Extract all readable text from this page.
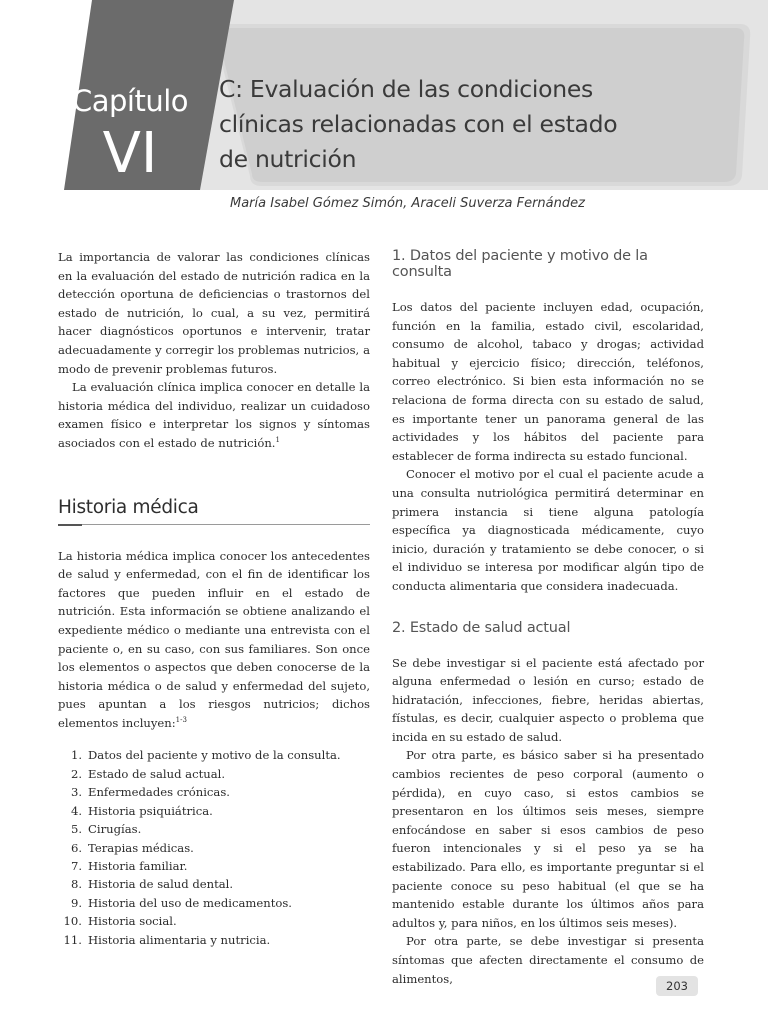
Capítulo
VI
C: Evaluación de las condiciones
clínicas relacionadas con el estado
de nutrición
María Isabel Gómez Simón, Araceli Suverza Fernández

La importancia de valorar las condiciones clínicas en la evaluación del estado de nutrición radica en la detección oportuna de deficiencias o trastornos del estado de nutrición, lo cual, a su vez, permitirá hacer diagnósticos oportunos e intervenir, tratar adecuadamente y corregir los problemas nutricios, a modo de prevenir problemas futuros.

La evaluación clínica implica conocer en detalle la historia médica del individuo, realizar un cuidadoso examen físico e interpretar los signos y síntomas asociados con el estado de nutrición.$^1$

Historia médica

La historia médica implica conocer los antecedentes de salud y enfermedad, con el fin de identificar los factores que pueden influir en el estado de nutrición. Esta información se obtiene analizando el expediente médico o mediante una entrevista con el paciente o, en su caso, con sus familiares. Son once los elementos o aspectos que deben conocerse de la historia médica o de salud y enfermedad del sujeto, pues apuntan a los riesgos nutricios; dichos elementos incluyen:$^{1-3}$

1. Datos del paciente y motivo de la consulta.
2. Estado de salud actual.
3. Enfermedades crónicas.
4. Historia psiquiátrica.
5. Cirugías.
6. Terapias médicas.
7. Historia familiar.
8. Historia de salud dental.
9. Historia del uso de medicamentos.
10. Historia social.
11. Historia alimentaria y nutricia.
1. Datos del paciente y motivo de la consulta

Los datos del paciente incluyen edad, ocupación, función en la familia, estado civil, escolaridad, consumo de alcohol, tabaco y drogas; actividad habitual y ejercicio físico; dirección, teléfonos, correo electrónico. Si bien esta información no se relaciona de forma directa con su estado de salud, es importante tener un panorama general de las actividades y los hábitos del paciente para establecer de forma indirecta su estado funcional.

Conocer el motivo por el cual el paciente acude a una consulta nutriológica permitirá determinar en primera instancia si tiene alguna patología específica ya diagnosticada médicamente, cuyo inicio, duración y tratamiento se debe conocer, o si el individuo se interesa por modificar algún tipo de conducta alimentaria que considera inadecuada.

2. Estado de salud actual

Se debe investigar si el paciente está afectado por alguna enfermedad o lesión en curso; estado de hidratación, infecciones, fiebre, heridas abiertas, fístulas, es decir, cualquier aspecto o problema que incida en su estado de salud.

Por otra parte, es básico saber si ha presentado cambios recientes de peso corporal (aumento o pérdida), en cuyo caso, si estos cambios se presentaron en los últimos seis meses, siempre enfocándose en saber si esos cambios de peso fueron intencionales y si el peso ya se ha estabilizado. Para ello, es importante preguntar si el paciente conoce su peso habitual (el que se ha mantenido estable durante los últimos años para adultos y, para niños, en los últimos seis meses).

Por otra parte, se debe investigar si presenta síntomas que afecten directamente el consumo de alimentos,

203
